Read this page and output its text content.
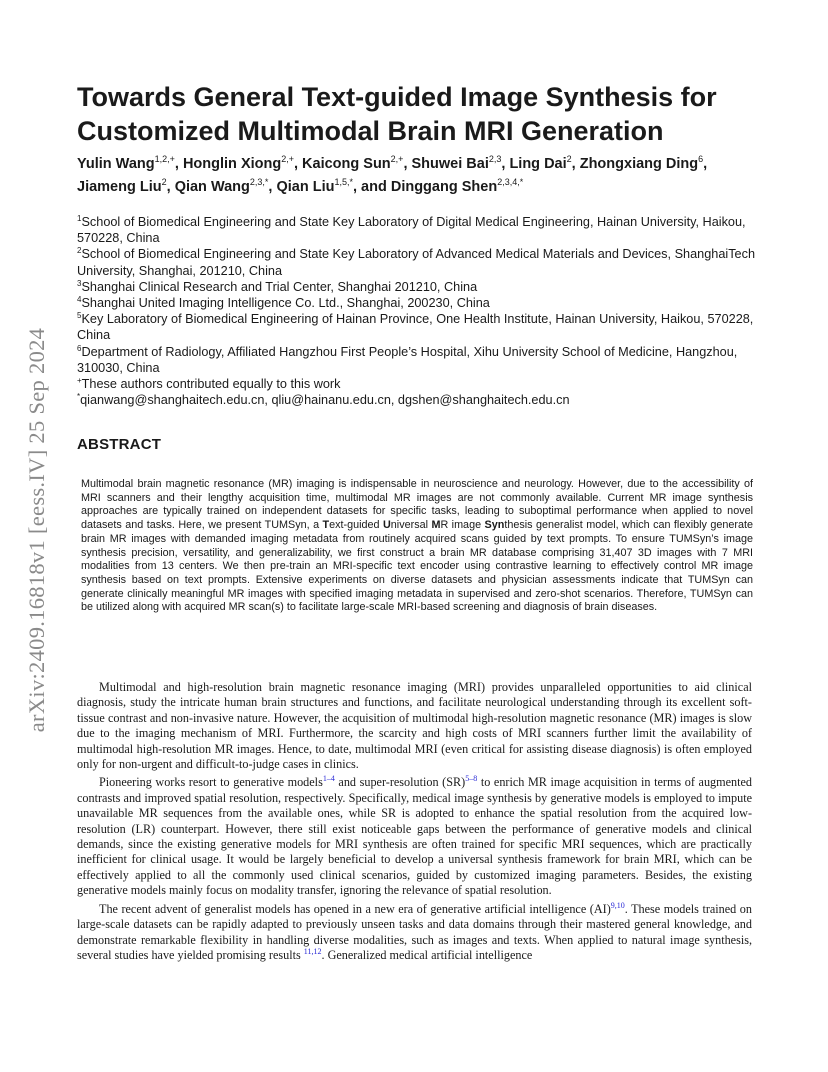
arXiv:2409.16818v1 [eess.IV] 25 Sep 2024
Towards General Text-guided Image Synthesis for
Customized Multimodal Brain MRI Generation
Yulin Wang$^{1,2,+}$, Honglin Xiong$^{2,+}$, Kaicong Sun$^{2,+}$, Shuwei Bai$^{2,3}$, Ling Dai$^2$, Zhongxiang Ding$^6$, Jiameng Liu$^2$, Qian Wang$^{2,3,*}$, Qian Liu$^{1,5,*}$, and Dinggang Shen$^{2,3,4,*}$
$^1$School of Biomedical Engineering and State Key Laboratory of Digital Medical Engineering, Hainan University, Haikou, 570228, China
$^2$School of Biomedical Engineering and State Key Laboratory of Advanced Medical Materials and Devices, ShanghaiTech University, Shanghai, 201210, China
$^3$Shanghai Clinical Research and Trial Center, Shanghai 201210, China
$^4$Shanghai United Imaging Intelligence Co. Ltd., Shanghai, 200230, China
$^5$Key Laboratory of Biomedical Engineering of Hainan Province, One Health Institute, Hainan University, Haikou, 570228, China
$^6$Department of Radiology, Affiliated Hangzhou First People’s Hospital, Xihu University School of Medicine, Hangzhou, 310030, China
+These authors contributed equally to this work
*qianwang@shanghaitech.edu.cn, qliu@hainanu.edu.cn, dgshen@shanghaitech.edu.cn
ABSTRACT

Multimodal brain magnetic resonance (MR) imaging is indispensable in neuroscience and neurology. However, due to the accessibility of MRI scanners and their lengthy acquisition time, multimodal MR images are not commonly available. Current MR image synthesis approaches are typically trained on independent datasets for specific tasks, leading to suboptimal performance when applied to novel datasets and tasks. Here, we present TUMSyn, a Text-guided Universal MR image Synthesis generalist model, which can flexibly generate brain MR images with demanded imaging metadata from routinely acquired scans guided by text prompts. To ensure TUMSyn’s image synthesis precision, versatility, and generalizability, we first construct a brain MR database comprising 31,407 3D images with 7 MRI modalities from 13 centers. We then pre-train an MRI-specific text encoder using contrastive learning to effectively control MR image synthesis based on text prompts. Extensive experiments on diverse datasets and physician assessments indicate that TUMSyn can generate clinically meaningful MR images with specified imaging metadata in supervised and zero-shot scenarios. Therefore, TUMSyn can be utilized along with acquired MR scan(s) to facilitate large-scale MRI-based screening and diagnosis of brain diseases.

Multimodal and high-resolution brain magnetic resonance imaging (MRI) provides unparalleled opportunities to aid clinical diagnosis, study the intricate human brain structures and functions, and facilitate neurological understanding through its excellent soft-tissue contrast and non-invasive nature. However, the acquisition of multimodal high-resolution magnetic resonance (MR) images is slow due to the imaging mechanism of MRI. Furthermore, the scarcity and high costs of MRI scanners further limit the availability of multimodal high-resolution MR images. Hence, to date, multimodal MRI (even critical for assisting disease diagnosis) is often employed only for non-urgent and difficult-to-judge cases in clinics.

Pioneering works resort to generative models$^{1-4}$ and super-resolution (SR)$^{5-8}$ to enrich MR image acquisition in terms of augmented contrasts and improved spatial resolution, respectively. Specifically, medical image synthesis by generative models is employed to impute unavailable MR sequences from the available ones, while SR is adopted to enhance the spatial resolution from the acquired low-resolution (LR) counterpart. However, there still exist noticeable gaps between the performance of generative models and clinical demands, since the existing generative models for MRI synthesis are often trained for specific MRI sequences, which are practically inefficient for clinical usage. It would be largely beneficial to develop a universal synthesis framework for brain MRI, which can be effectively applied to all the commonly used clinical scenarios, guided by customized imaging parameters. Besides, the existing generative models mainly focus on modality transfer, ignoring the relevance of spatial resolution.

The recent advent of generalist models has opened in a new era of generative artificial intelligence (AI)$^{9,10}$. These models trained on large-scale datasets can be rapidly adapted to previously unseen tasks and data domains through their mastered general knowledge, and demonstrate remarkable flexibility in handling diverse modalities, such as images and texts. When applied to natural image synthesis, several studies have yielded promising results $^{11,12}$. Generalized medical artificial intelligence
